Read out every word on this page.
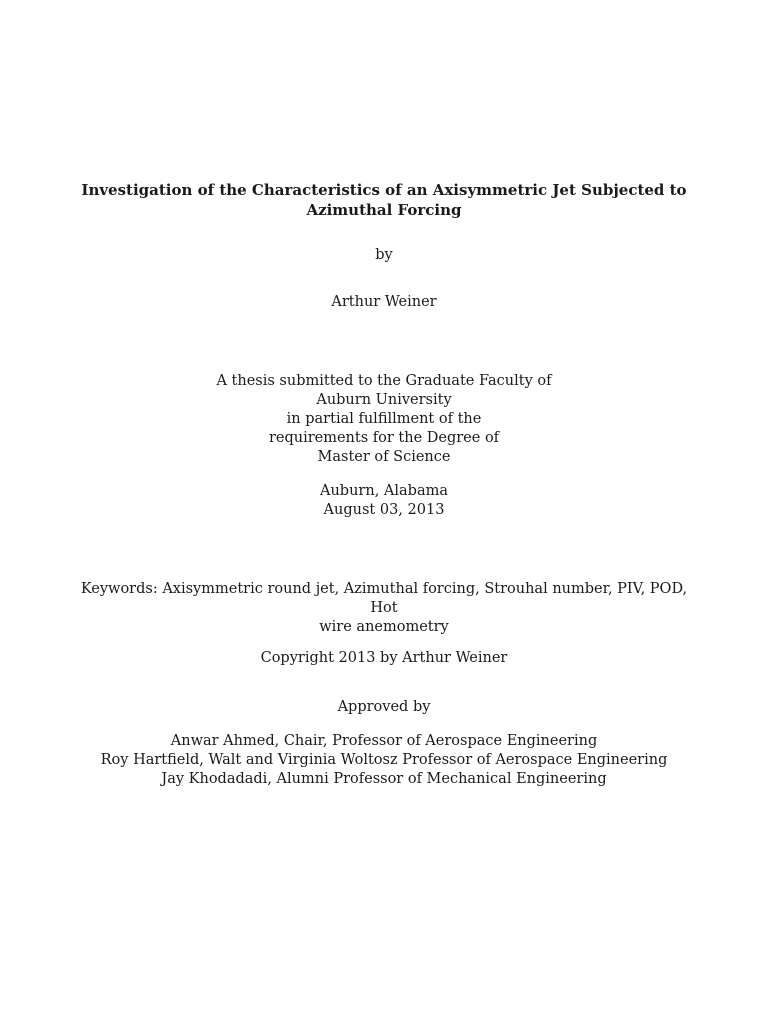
Investigation of the Characteristics of an Axisymmetric Jet Subjected to
Azimuthal Forcing
by
Arthur Weiner
A thesis submitted to the Graduate Faculty of
Auburn University
in partial fulfillment of the
requirements for the Degree of
Master of Science
Auburn, Alabama
August 03, 2013
Keywords: Axisymmetric round jet, Azimuthal forcing, Strouhal number, PIV, POD, Hot
wire anemometry
Copyright 2013 by Arthur Weiner
Approved by
Anwar Ahmed, Chair, Professor of Aerospace Engineering
Roy Hartfield, Walt and Virginia Woltosz Professor of Aerospace Engineering
Jay Khodadadi, Alumni Professor of Mechanical Engineering
